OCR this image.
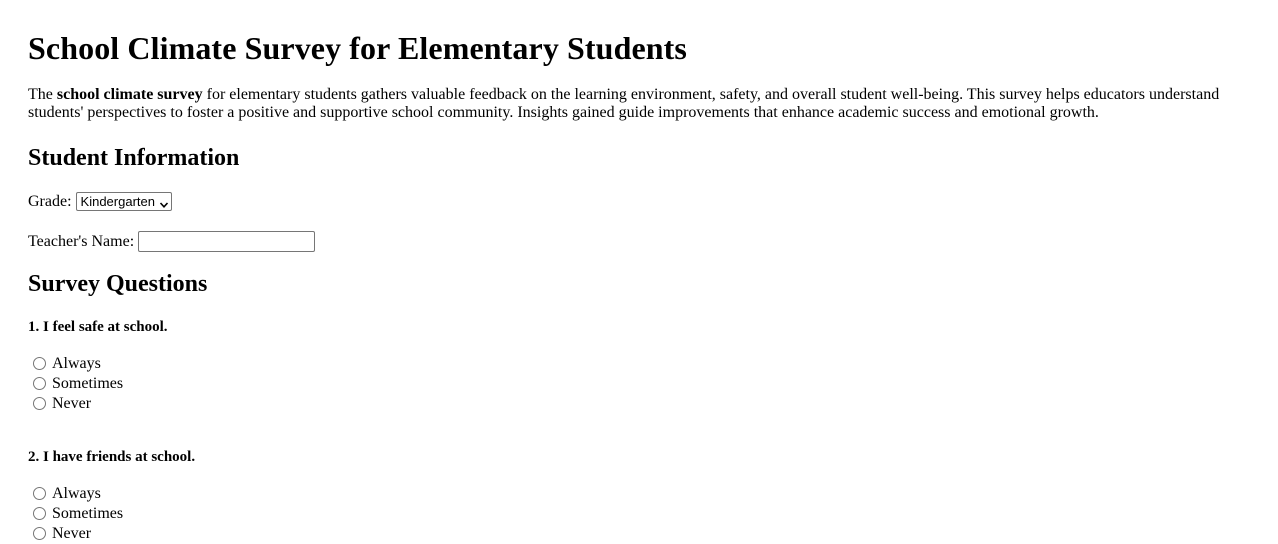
School Climate Survey for Elementary Students

The school climate survey for elementary students gathers valuable feedback on the learning environment, safety, and overall student well-being. This survey helps educators understand students' perspectives to foster a positive and supportive school community. Insights gained guide improvements that enhance academic success and emotional growth.

Student Information
Grade: Kindergarten
Teacher's Name:
Survey Questions

1. I feel safe at school.

Always
Sometimes
Never

2. I have friends at school.

Always
Sometimes
Never
